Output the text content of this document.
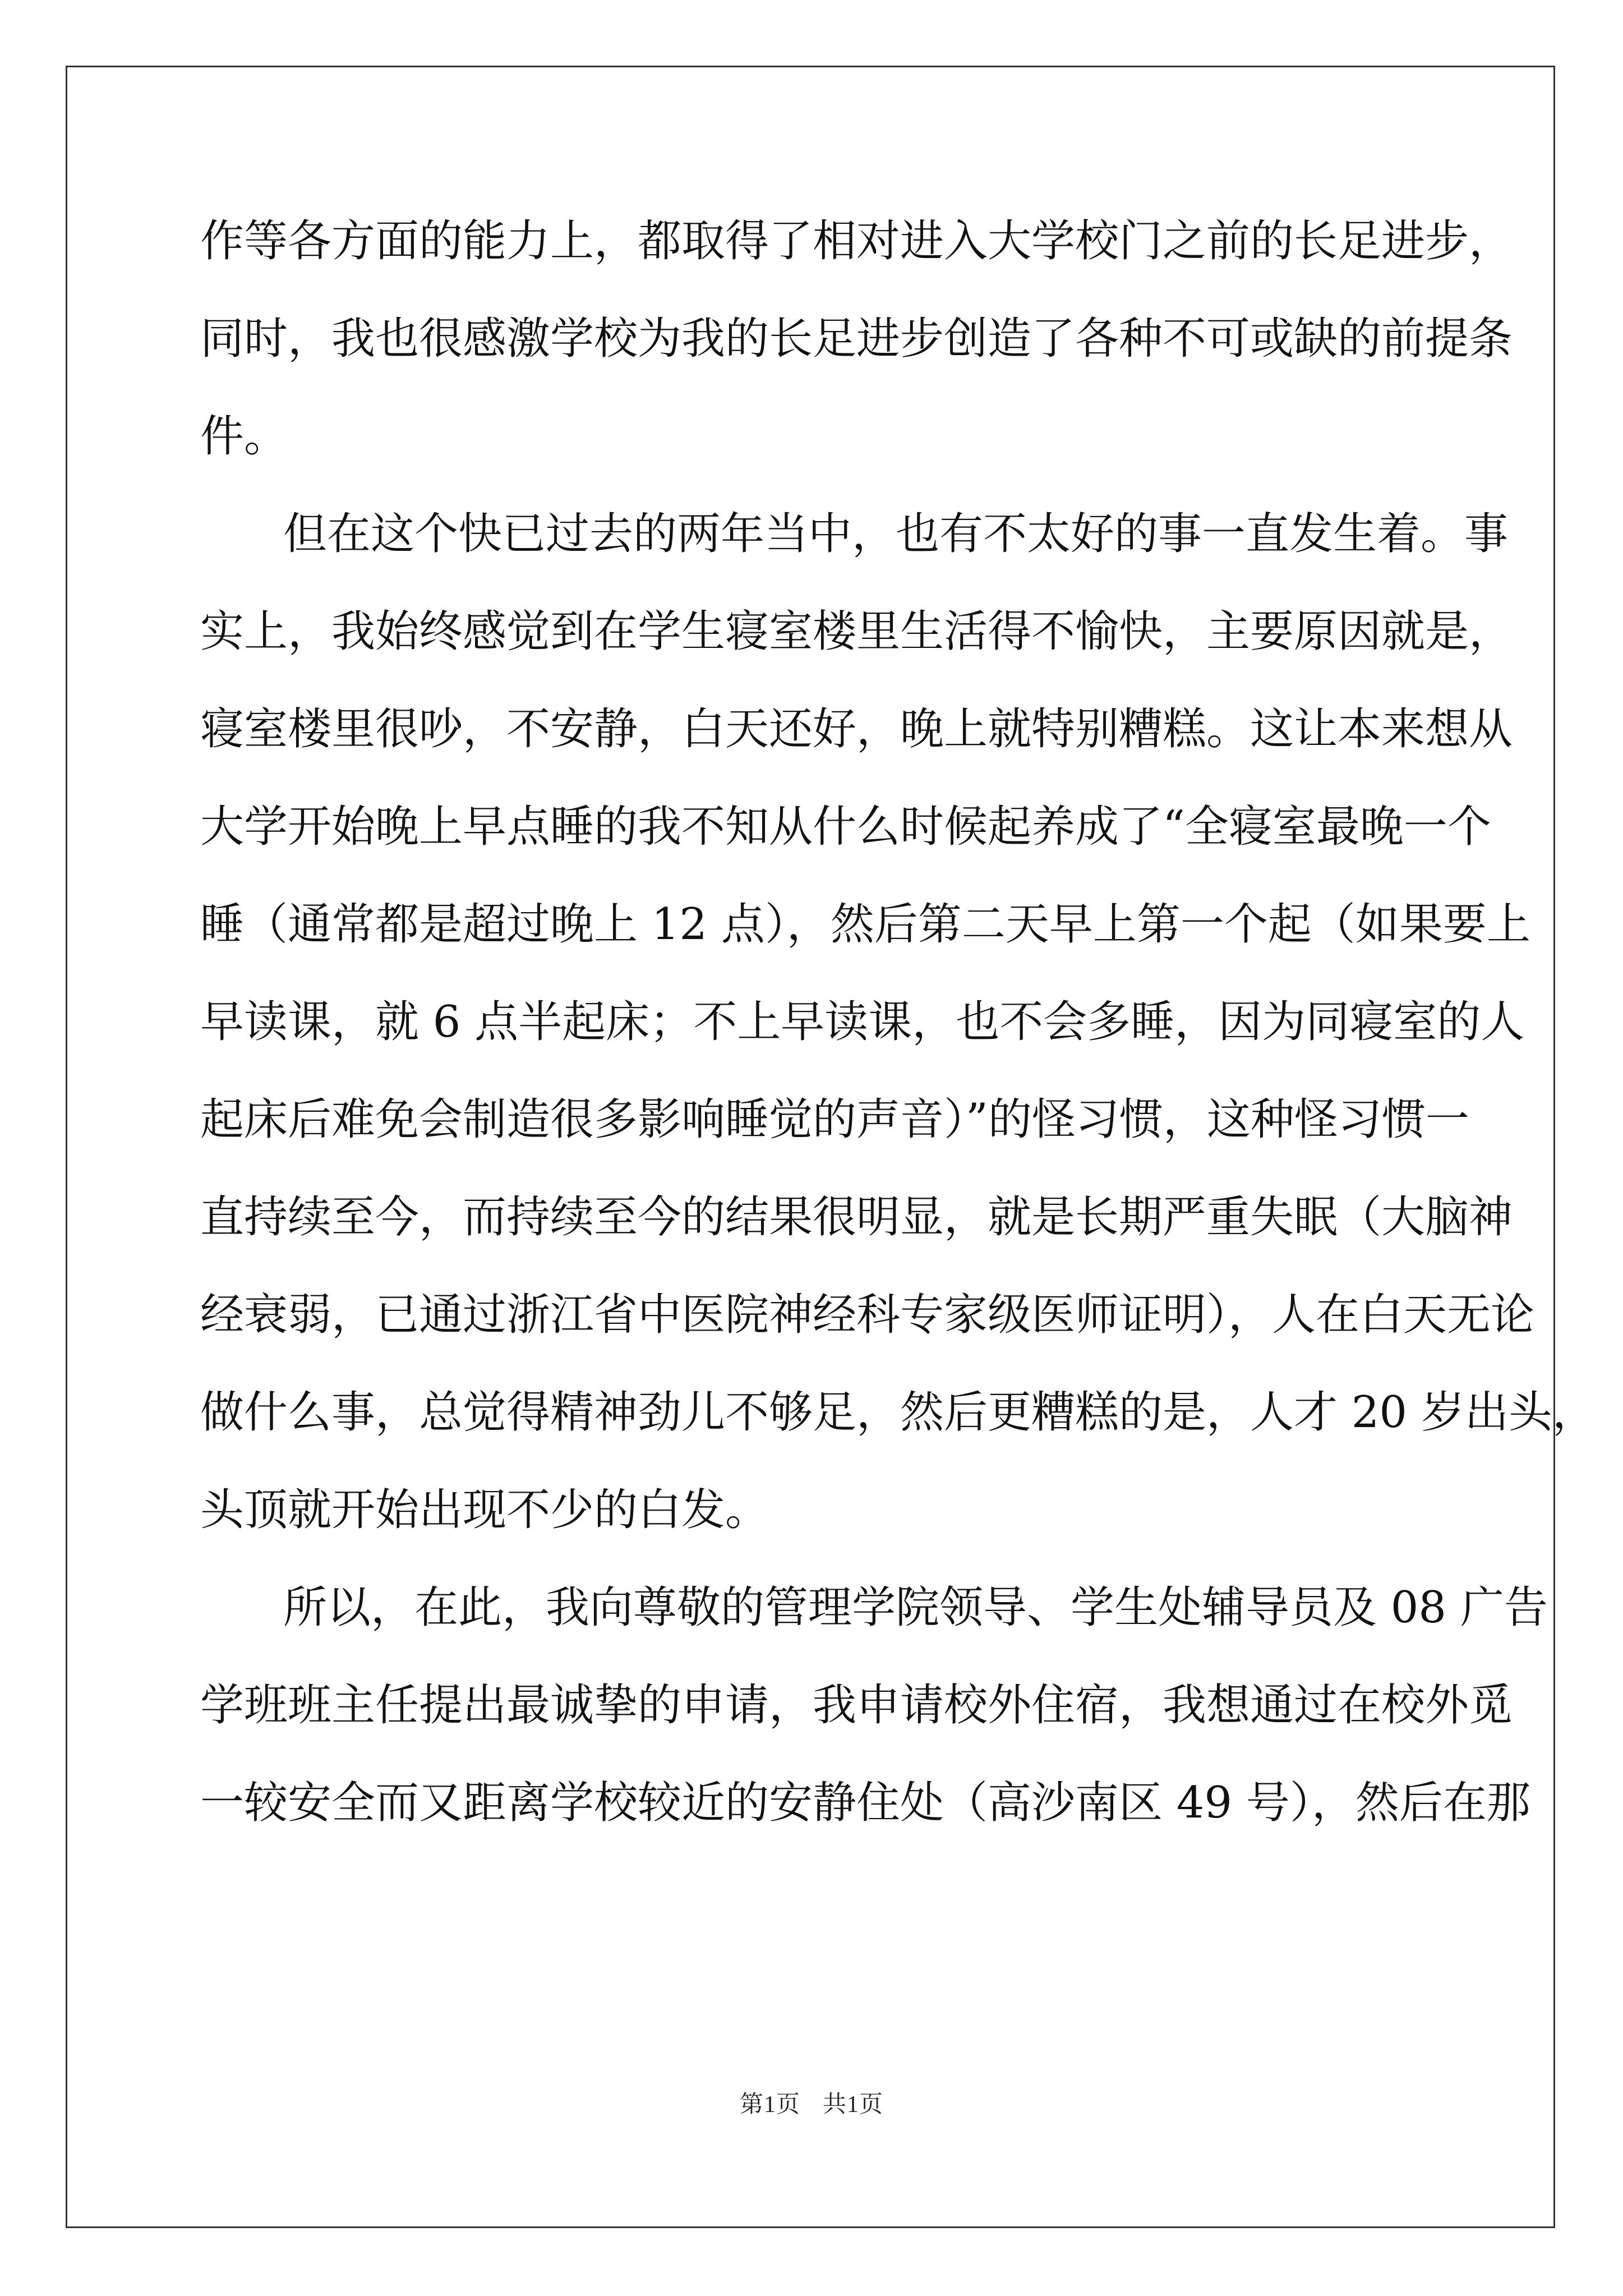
作等各方面的能力上，都取得了相对进入大学校门之前的长足进步，
同时，我也很感激学校为我的长足进步创造了各种不可或缺的前提条
件。
但在这个快已过去的两年当中，也有不太好的事一直发生着。事
实上，我始终感觉到在学生寝室楼里生活得不愉快，主要原因就是，
寝室楼里很吵，不安静，白天还好，晚上就特别糟糕。这让本来想从
大学开始晚上早点睡的我不知从什么时候起养成了“全寝室最晚一个
睡（通常都是超过晚上 12 点），然后第二天早上第一个起（如果要上
早读课，就 6 点半起床；不上早读课，也不会多睡，因为同寝室的人
起床后难免会制造很多影响睡觉的声音）”的怪习惯，这种怪习惯一
直持续至今，而持续至今的结果很明显，就是长期严重失眠（大脑神
经衰弱，已通过浙江省中医院神经科专家级医师证明），人在白天无论
做什么事，总觉得精神劲儿不够足，然后更糟糕的是，人才 20 岁出头，
头顶就开始出现不少的白发。
所以，在此，我向尊敬的管理学院领导、学生处辅导员及 08 广告
学班班主任提出最诚挚的申请，我申请校外住宿，我想通过在校外觅
一较安全而又距离学校较近的安静住处（高沙南区 49 号），然后在那
第1页 共1页
